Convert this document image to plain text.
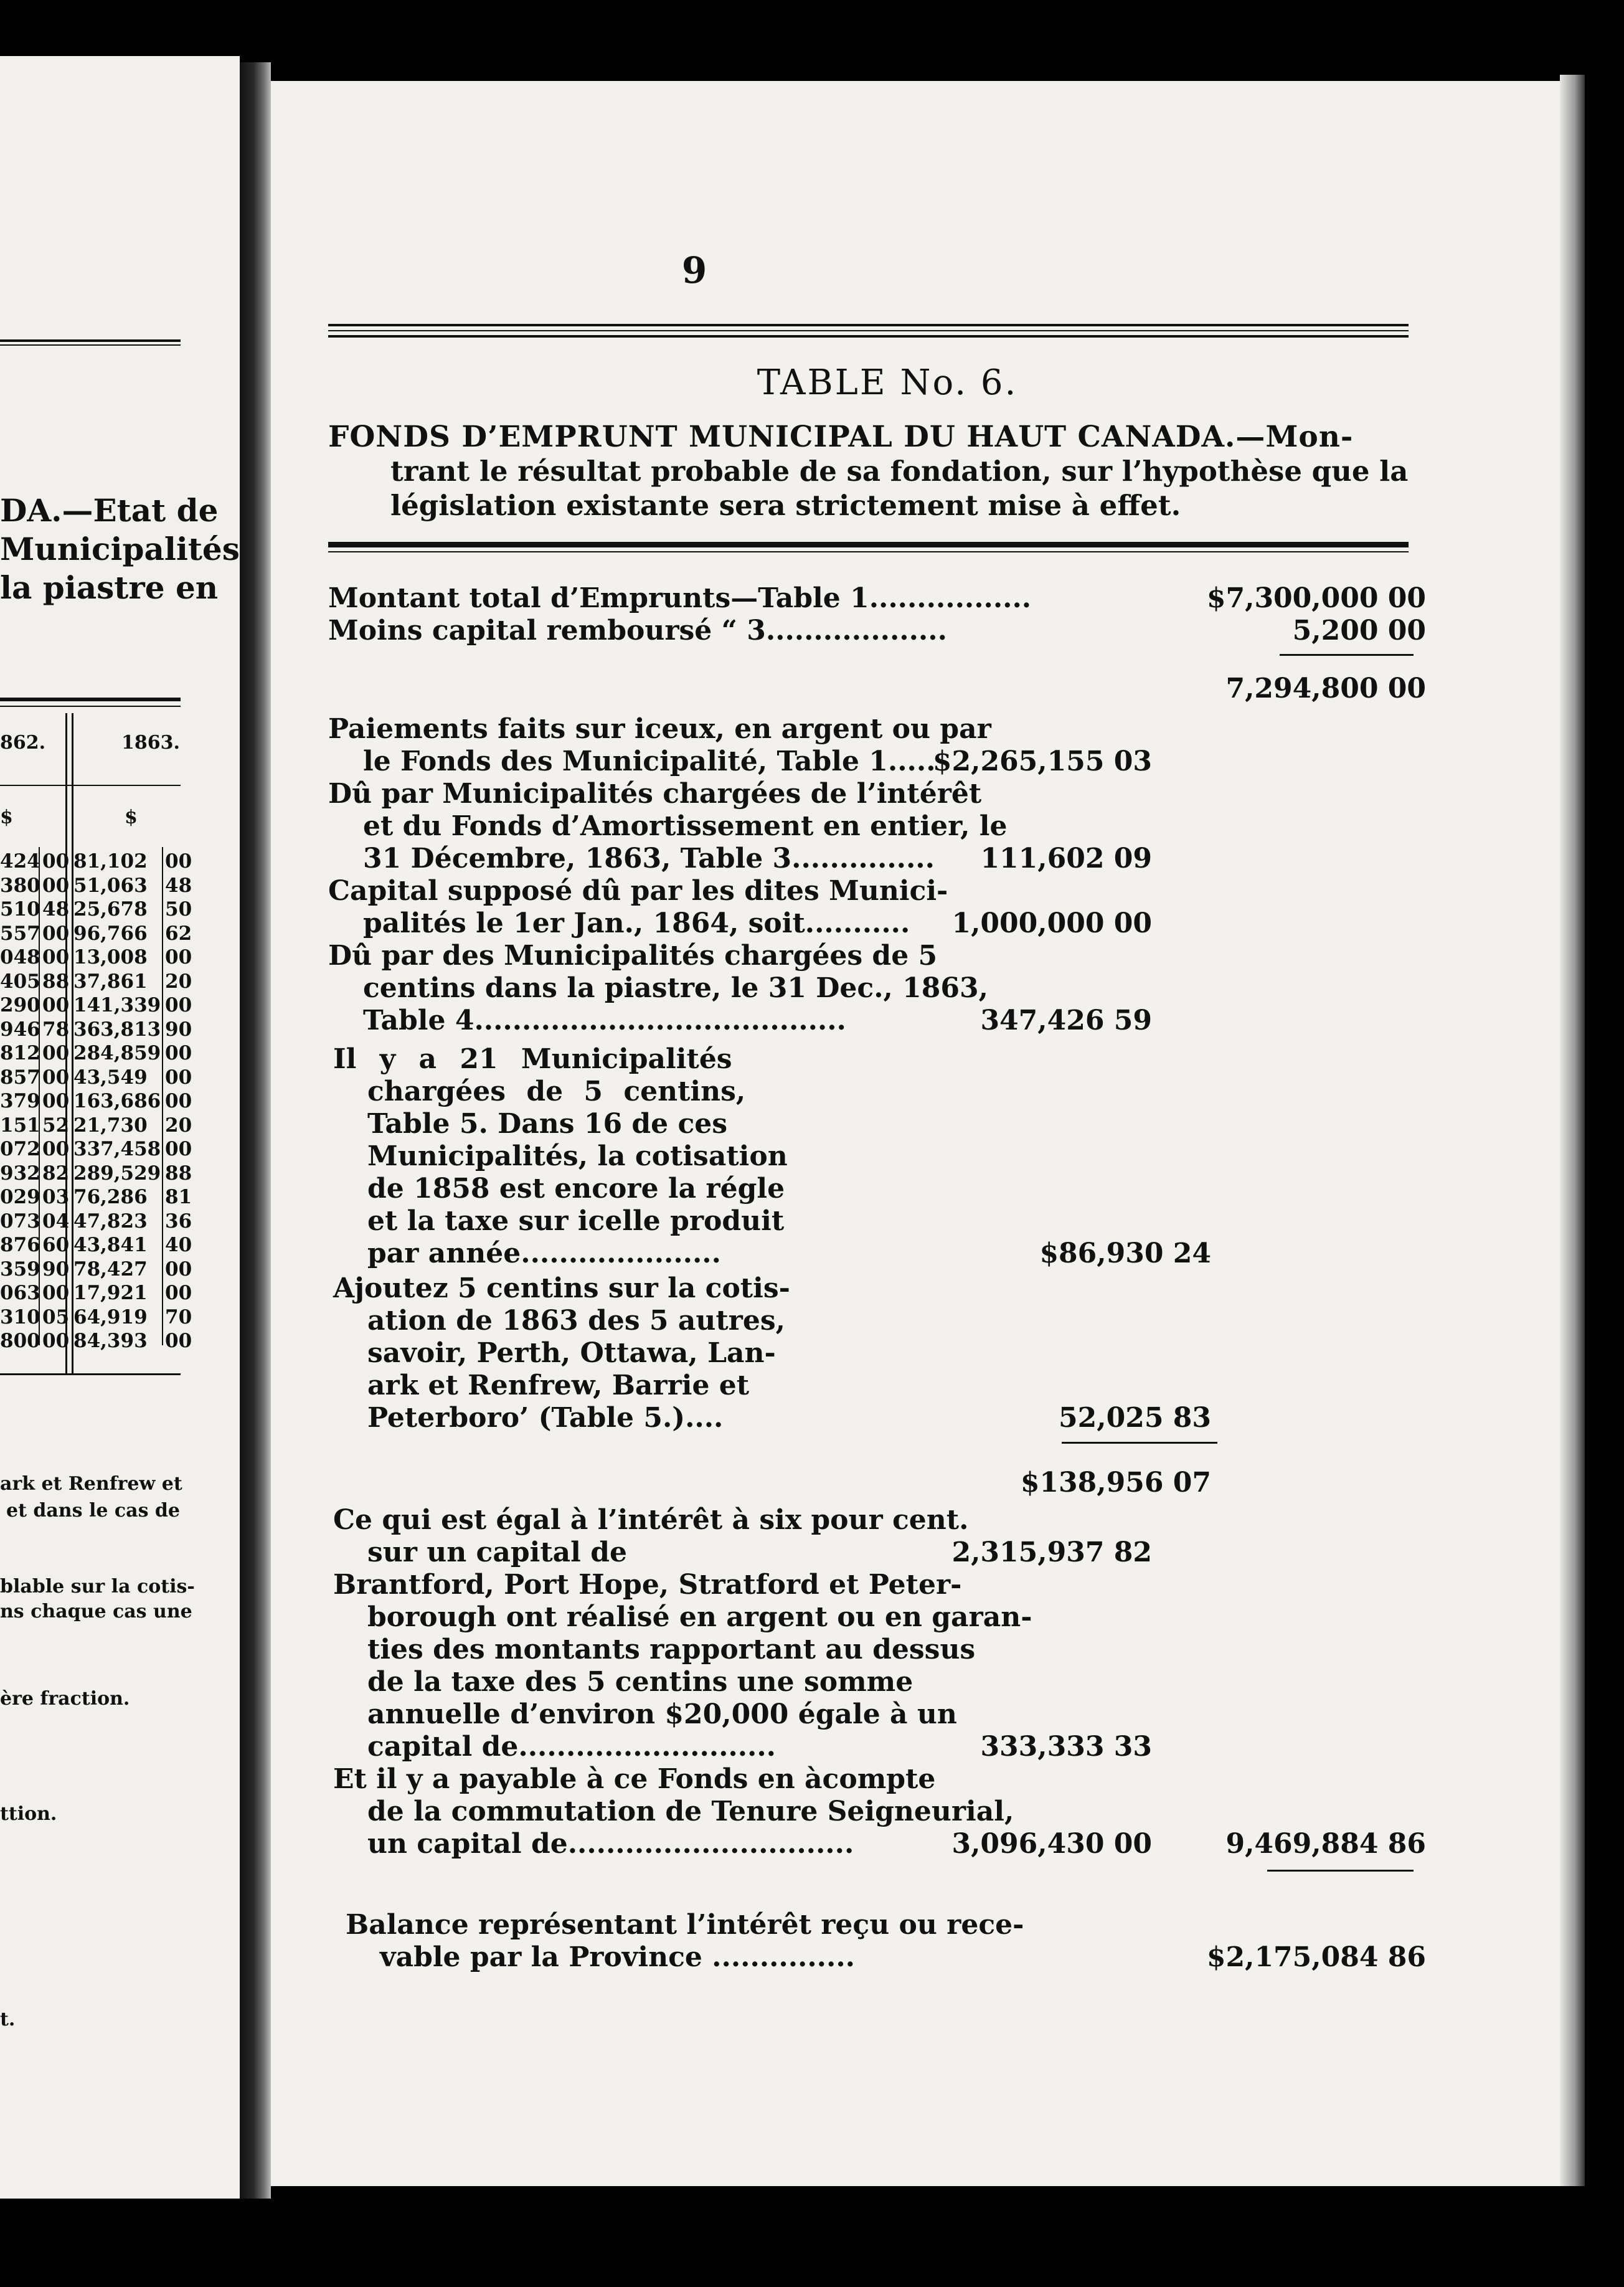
DA.—Etat de
Municipalités
la piastre en
862.	1863.
$	$
424 00 81,102 00
380 00 51,063 48
510 48 25,678 50
557 00 96,766 62
048 00 13,008 00
405 88 37,861 20
290 00 141,339 00
946 78 363,813 90
812 00 284,859 00
857 00 43,549 00
379 00 163,686 00
151 52 21,730 20
072 00 337,458 00
932 82 289,529 88
029 03 76,286 81
073 04 47,823 36
876 60 43,841 40
359 90 78,427 00
063 00 17,921 00
310 05 64,919 70
800 00 84,393 00
ark et Renfrew et
et dans le cas de
blable sur la cotis-
ns chaque cas une
ère fraction.
ttion.
t.
9
TABLE No. 6.
FONDS D’EMPRUNT MUNICIPAL DU HAUT CANADA.—Mon-
trant le résultat probable de sa fondation, sur l’hypothèse que la
législation existante sera strictement mise à effet.
Montant total d’Emprunts—Table 1.................	$7,300,000 00
Moins capital remboursé “ 3...................	5,200 00
7,294,800 00
Paiements faits sur iceux, en argent ou par
le Fonds des Municipalité, Table 1.....
$2,265,155 03
Dû par Municipalités chargées de l’intérêt
et du Fonds d’Amortissement en entier, le
31 Décembre, 1863, Table 3............... 111,602 09
Capital supposé dû par les dites Munici-
palités le 1er Jan., 1864, soit........... 1,000,000 00
Dû par des Municipalités chargées de 5
centins dans la piastre, le 31 Dec., 1863,
Table 4.......................................	347,426 59
Il y a 21 Municipalités
chargées de 5 centins,
Table 5. Dans 16 de ces
Municipalités, la cotisation
de 1858 est encore la régle
et la taxe sur icelle produit
par année.....................	$86,930 24
Ajoutez 5 centins sur la cotis-
ation de 1863 des 5 autres,
savoir, Perth, Ottawa, Lan-
ark et Renfrew, Barrie et
Peterboro’ (Table 5.)....	52,025 83
$138,956 07
Ce qui est égal à l’intérêt à six pour cent.
sur un capital de	2,315,937 82
Brantford, Port Hope, Stratford et Peter-
borough ont réalisé en argent ou en garan-
ties des montants rapportant au dessus
de la taxe des 5 centins une somme
annuelle d’environ $20,000 égale à un
capital de...........................	333,333 33
Et il y a payable à ce Fonds en àcompte
de la commutation de Tenure Seigneurial,
un capital de..............................	3,096,430 00	9,469,884 86
Balance représentant l’intérêt reçu ou rece-
vable par la Province ...............	$2,175,084 86
